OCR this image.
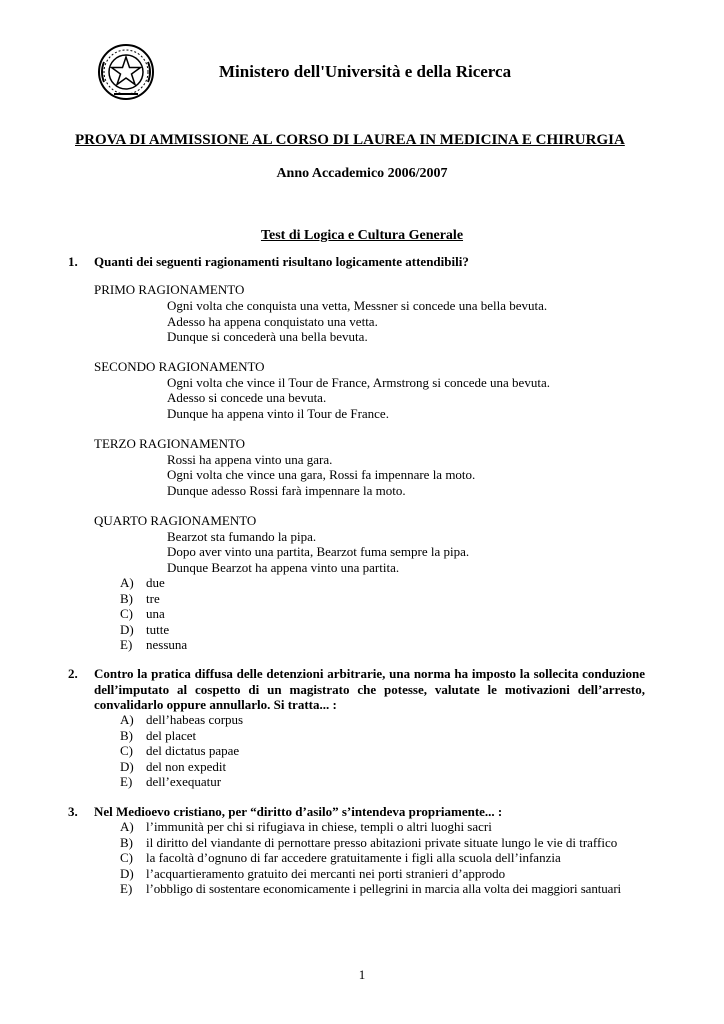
Ministero dell'Università e della Ricerca
PROVA DI AMMISSIONE AL CORSO DI LAUREA IN MEDICINA E CHIRURGIA
Anno Accademico 2006/2007
Test di Logica e Cultura Generale
1. Quanti dei seguenti ragionamenti risultano logicamente attendibili?
PRIMO RAGIONAMENTO
Ogni volta che conquista una vetta, Messner si concede una bella bevuta.
Adesso ha appena conquistato una vetta.
Dunque si concederà una bella bevuta.
SECONDO RAGIONAMENTO
Ogni volta che vince il Tour de France, Armstrong si concede una bevuta.
Adesso si concede una bevuta.
Dunque ha appena vinto il Tour de France.
TERZO RAGIONAMENTO
Rossi ha appena vinto una gara.
Ogni volta che vince una gara, Rossi fa impennare la moto.
Dunque adesso Rossi farà impennare la moto.
QUARTO RAGIONAMENTO
Bearzot sta fumando la pipa.
Dopo aver vinto una partita, Bearzot fuma sempre la pipa.
Dunque Bearzot ha appena vinto una partita.
A) due
B) tre
C) una
D) tutte
E) nessuna
2. Contro la pratica diffusa delle detenzioni arbitrarie, una norma ha imposto la sollecita conduzione dell’imputato al cospetto di un magistrato che potesse, valutate le motivazioni dell’arresto, convalidarlo oppure annullarlo. Si tratta... :
A) dell’habeas corpus
B) del placet
C) del dictatus papae
D) del non expedit
E) dell’exequatur
3. Nel Medioevo cristiano, per “diritto d’asilo” s’intendeva propriamente... :
A) l’immunità per chi si rifugiava in chiese, templi o altri luoghi sacri
B) il diritto del viandante di pernottare presso abitazioni private situate lungo le vie di traffico
C) la facoltà d’ognuno di far accedere gratuitamente i figli alla scuola dell’infanzia
D) l’acquartieramento gratuito dei mercanti nei porti stranieri d’approdo
E) l’obbligo di sostentare economicamente i pellegrini in marcia alla volta dei maggiori santuari
1
